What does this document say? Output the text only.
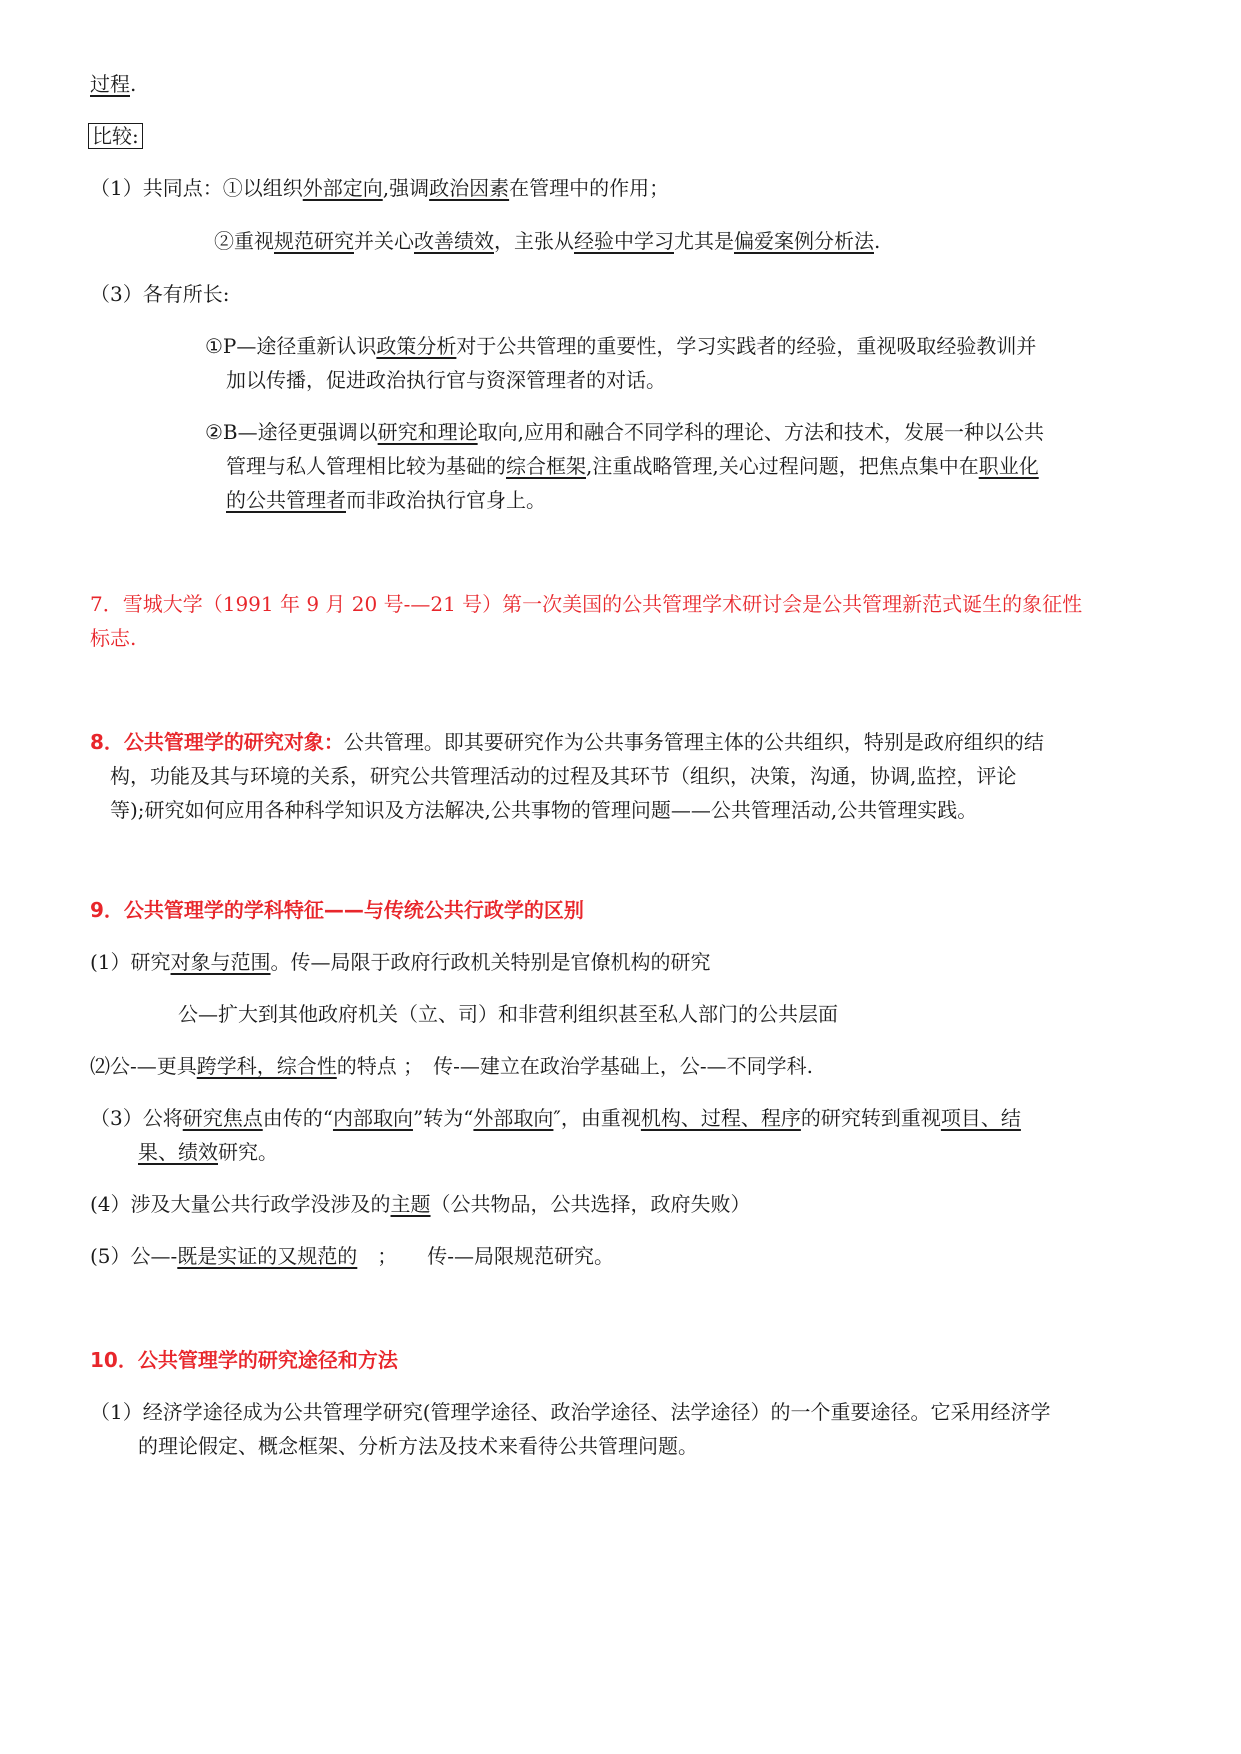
过程.
比较:
（1）共同点：①以组织外部定向,强调政治因素在管理中的作用；
②重视规范研究并关心改善绩效，主张从经验中学习尤其是偏爱案例分析法.
（3）各有所长:
①P—途径重新认识政策分析对于公共管理的重要性，学习实践者的经验，重视吸取经验教训并
加以传播，促进政治执行官与资深管理者的对话。
②B—途径更强调以研究和理论取向,应用和融合不同学科的理论、方法和技术，发展一种以公共
管理与私人管理相比较为基础的综合框架,注重战略管理,关心过程问题，把焦点集中在职业化
的公共管理者而非政治执行官身上。
7．雪城大学（1991 年 9 月 20 号-—21 号）第一次美国的公共管理学术研讨会是公共管理新范式诞生的象征性
标志.
8．公共管理学的研究对象：公共管理。即其要研究作为公共事务管理主体的公共组织，特别是政府组织的结
构，功能及其与环境的关系，研究公共管理活动的过程及其环节（组织，决策，沟通，协调,监控，评论
等);研究如何应用各种科学知识及方法解决,公共事物的管理问题——公共管理活动,公共管理实践。
9．公共管理学的学科特征——与传统公共行政学的区别
(1）研究对象与范围。传—局限于政府行政机关特别是官僚机构的研究
公—扩大到其他政府机关（立、司）和非营利组织甚至私人部门的公共层面
⑵公-—更具跨学科，综合性的特点 ；　传-—建立在政治学基础上，公-—不同学科.
（3）公将研究焦点由传的“内部取向”转为“外部取向″，由重视机构、过程、程序的研究转到重视项目、结
果、绩效研究。
(4）涉及大量公共行政学没涉及的主题（公共物品，公共选择，政府失败）
(5）公—-既是实证的又规范的　；　　传-—局限规范研究。
10．公共管理学的研究途径和方法
（1）经济学途径成为公共管理学研究(管理学途径、政治学途径、法学途径）的一个重要途径。它采用经济学
的理论假定、概念框架、分析方法及技术来看待公共管理问题。
